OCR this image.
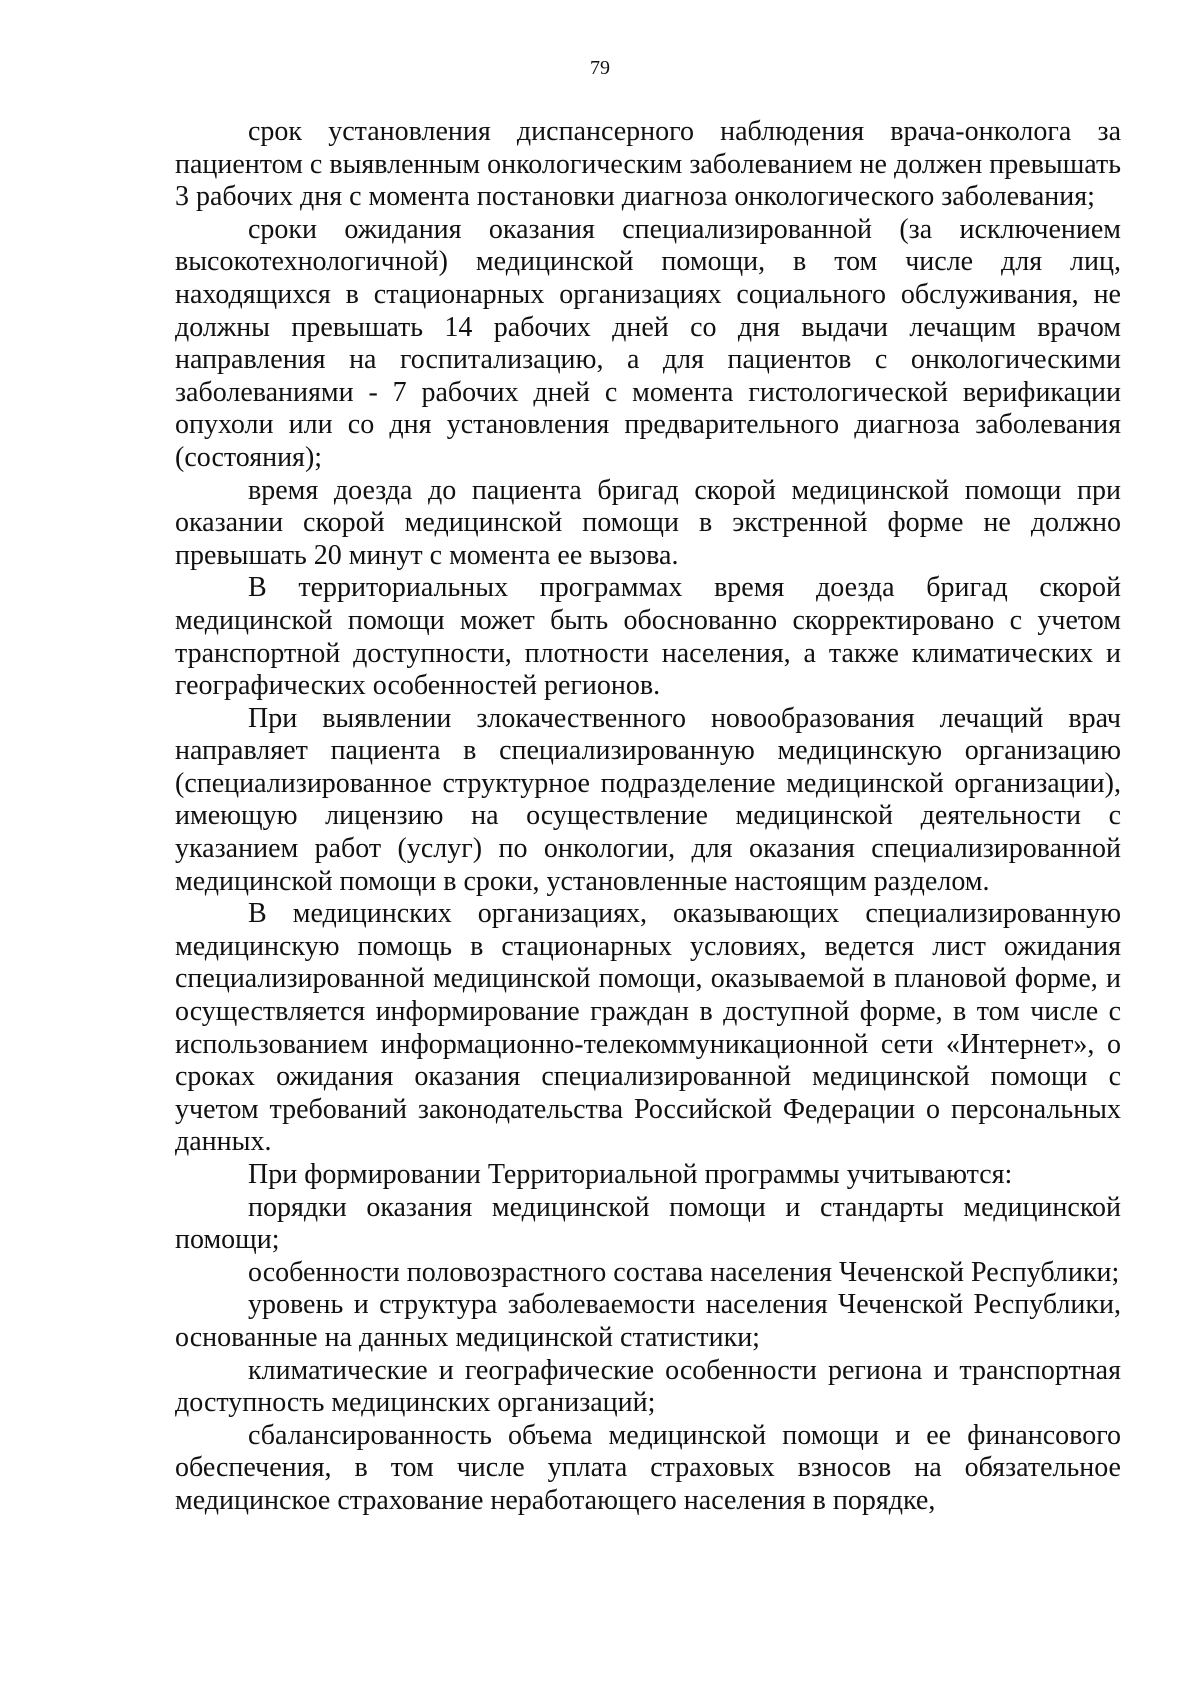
79

срок установления диспансерного наблюдения врача-онколога за пациентом с выявленным онкологическим заболеванием не должен превышать 3 рабочих дня с момента постановки диагноза онкологического заболевания;

сроки ожидания оказания специализированной (за исключением высокотехнологичной) медицинской помощи, в том числе для лиц, находящихся в стационарных организациях социального обслуживания, не должны превышать 14 рабочих дней со дня выдачи лечащим врачом направления на госпитализацию, а для пациентов с онкологическими заболеваниями - 7 рабочих дней с момента гистологической верификации опухоли или со дня установления предварительного диагноза заболевания (состояния);

время доезда до пациента бригад скорой медицинской помощи при оказании скорой медицинской помощи в экстренной форме не должно превышать 20 минут с момента ее вызова.

В территориальных программах время доезда бригад скорой медицинской помощи может быть обоснованно скорректировано с учетом транспортной доступности, плотности населения, а также климатических и географических особенностей регионов.

При выявлении злокачественного новообразования лечащий врач направляет пациента в специализированную медицинскую организацию (специализированное структурное подразделение медицинской организации), имеющую лицензию на осуществление медицинской деятельности с указанием работ (услуг) по онкологии, для оказания специализированной медицинской помощи в сроки, установленные настоящим разделом.

В медицинских организациях, оказывающих специализированную медицинскую помощь в стационарных условиях, ведется лист ожидания специализированной медицинской помощи, оказываемой в плановой форме, и осуществляется информирование граждан в доступной форме, в том числе с использованием информационно-телекоммуникационной сети «Интернет», о сроках ожидания оказания специализированной медицинской помощи с учетом требований законодательства Российской Федерации о персональных данных.

При формировании Территориальной программы учитываются:

порядки оказания медицинской помощи и стандарты медицинской помощи;

особенности половозрастного состава населения Чеченской Республики;

уровень и структура заболеваемости населения Чеченской Республики, основанные на данных медицинской статистики;

климатические и географические особенности региона и транспортная доступность медицинских организаций;

сбалансированность объема медицинской помощи и ее финансового обеспечения, в том числе уплата страховых взносов на обязательное медицинское страхование неработающего населения в порядке,
